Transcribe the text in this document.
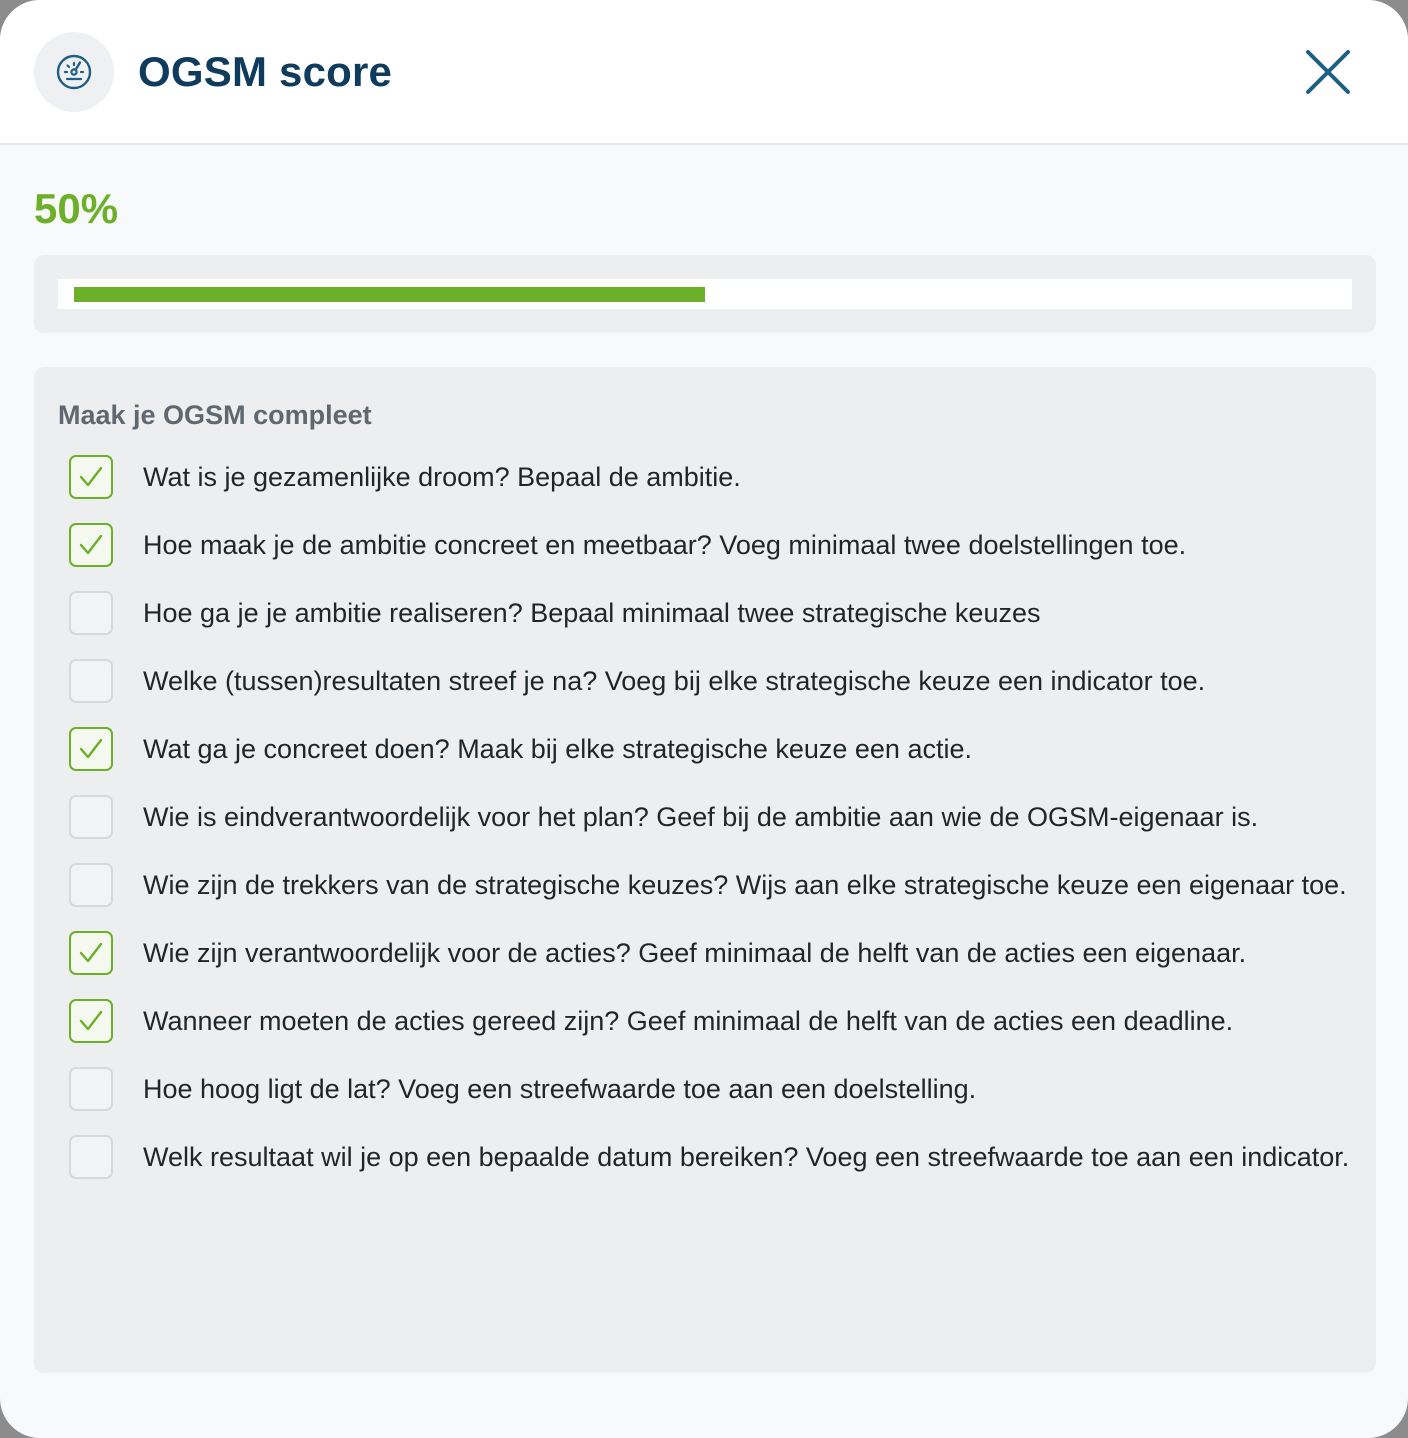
OGSM score
50%
Maak je OGSM compleet
Wat is je gezamenlijke droom? Bepaal de ambitie.
Hoe maak je de ambitie concreet en meetbaar? Voeg minimaal twee doelstellingen toe.
Hoe ga je je ambitie realiseren? Bepaal minimaal twee strategische keuzes
Welke (tussen)resultaten streef je na? Voeg bij elke strategische keuze een indicator toe.
Wat ga je concreet doen? Maak bij elke strategische keuze een actie.
Wie is eindverantwoordelijk voor het plan? Geef bij de ambitie aan wie de OGSM-eigenaar is.
Wie zijn de trekkers van de strategische keuzes? Wijs aan elke strategische keuze een eigenaar toe.
Wie zijn verantwoordelijk voor de acties? Geef minimaal de helft van de acties een eigenaar.
Wanneer moeten de acties gereed zijn? Geef minimaal de helft van de acties een deadline.
Hoe hoog ligt de lat? Voeg een streefwaarde toe aan een doelstelling.
Welk resultaat wil je op een bepaalde datum bereiken? Voeg een streefwaarde toe aan een indicator.
